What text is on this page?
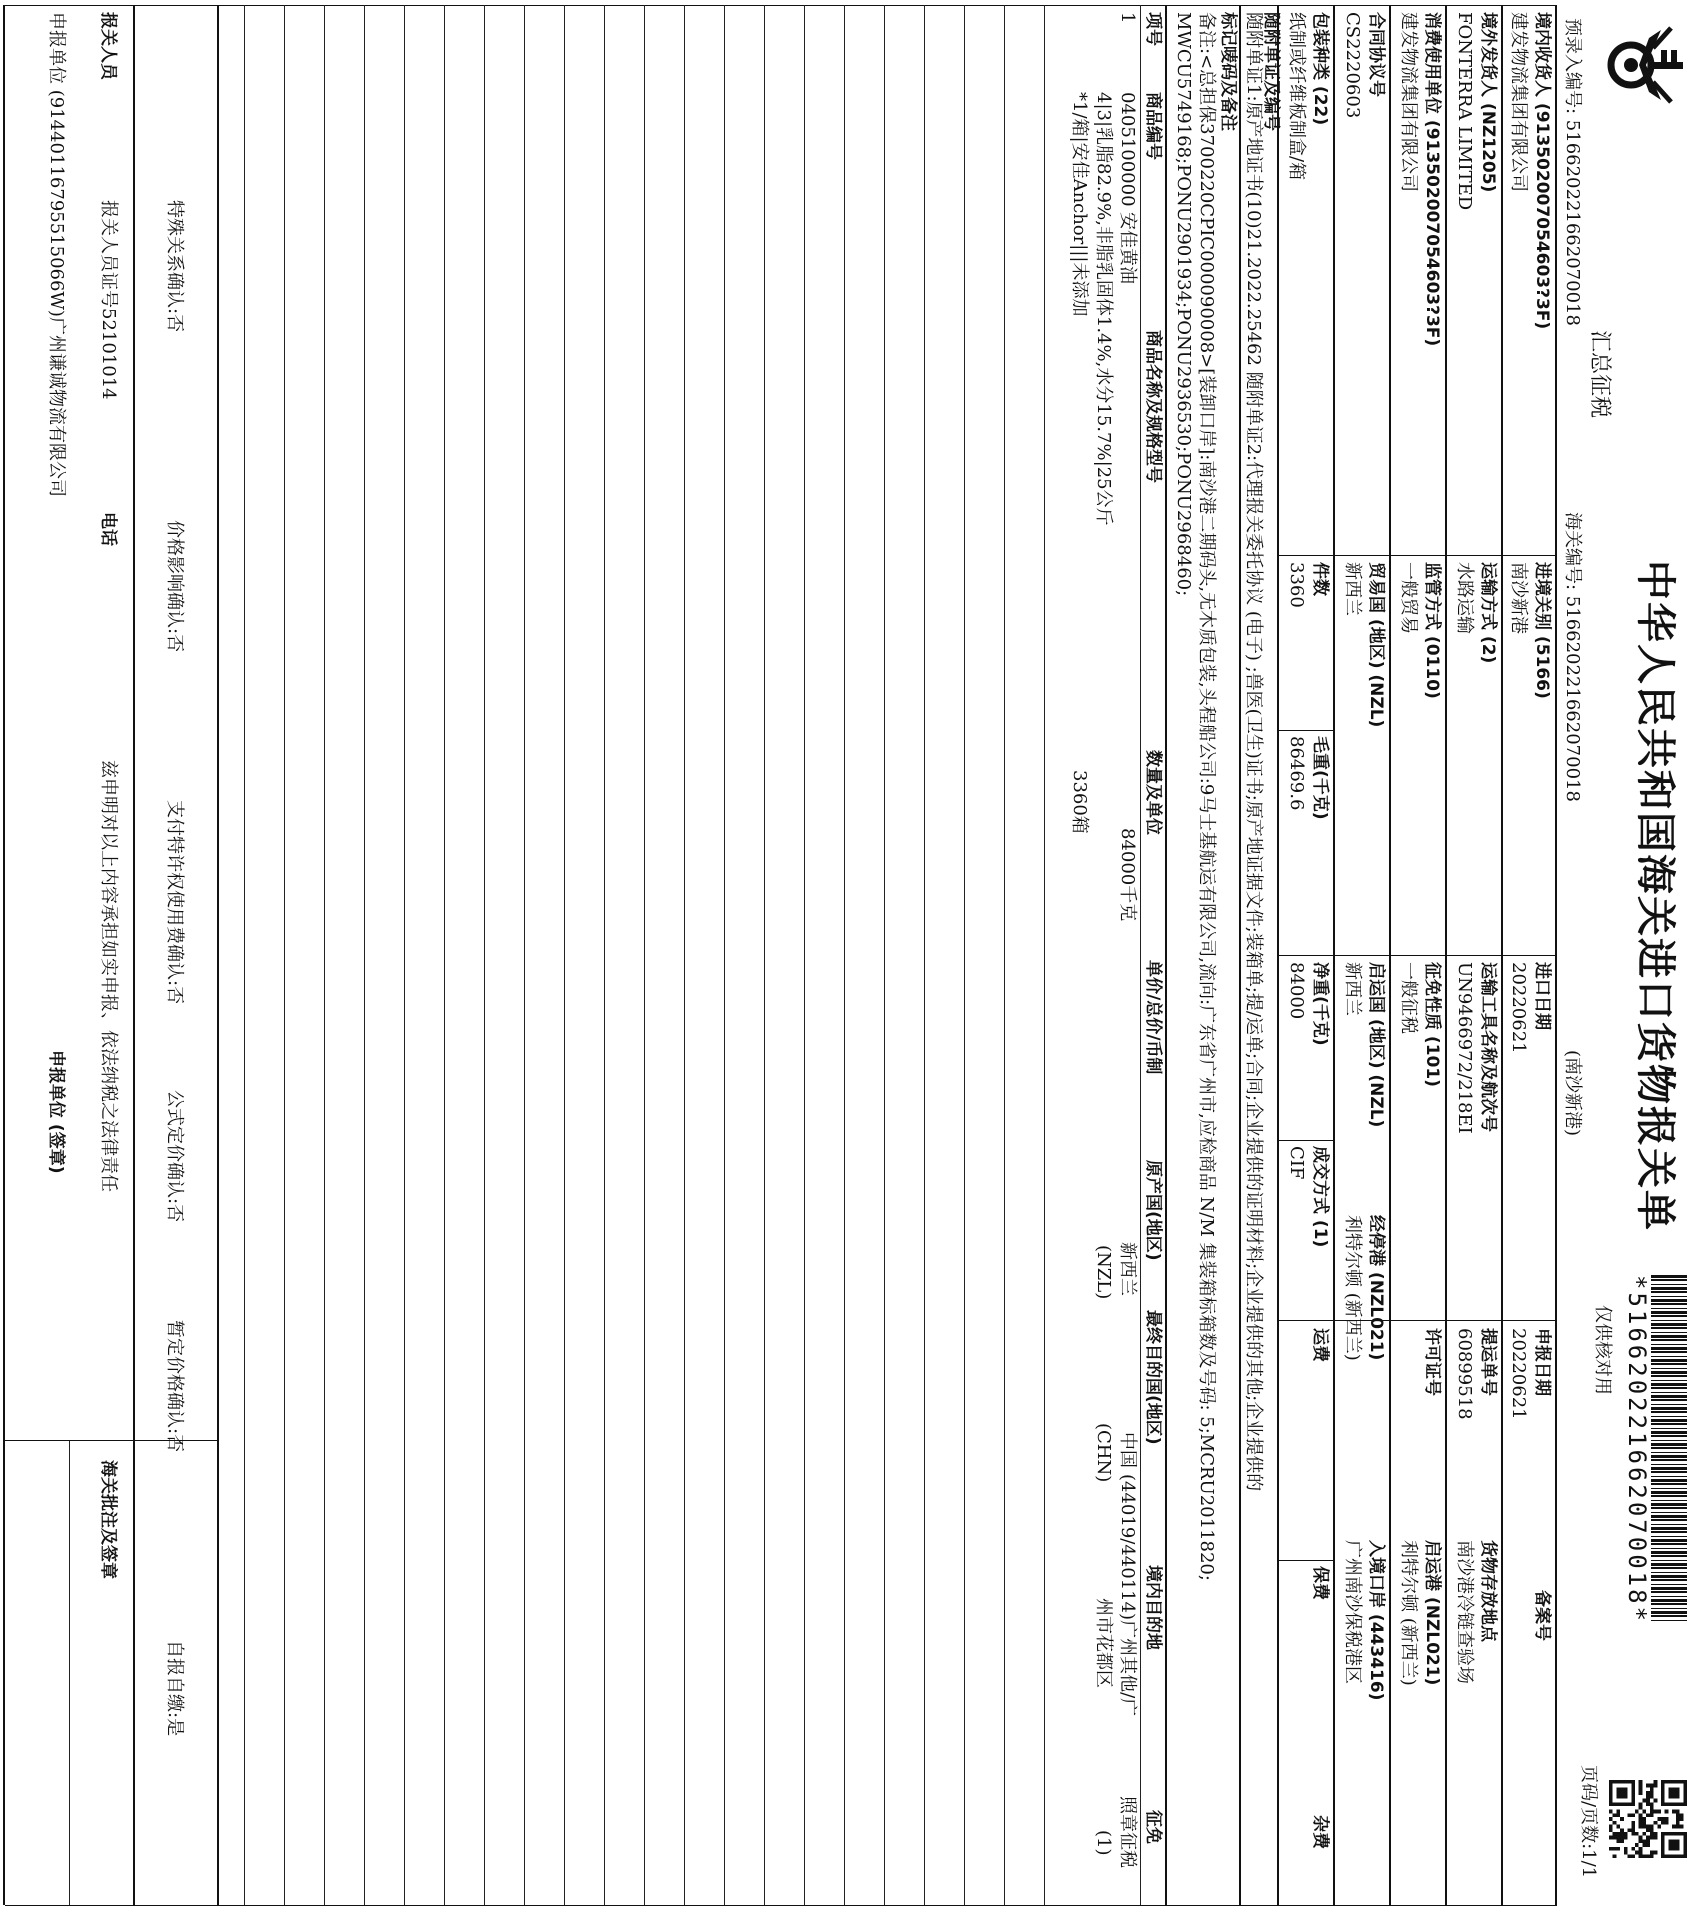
中华人民共和国海关进口货物报关单
汇总征税
仅供核对用
页码/页数:1/1
*516620221662070018*
预录入编号: 516620221662070018
海关编号: 516620221662070018
(南沙新港)
境内收货人 (913502007054603?3F)
建发物流集团有限公司
进境关别 (5166)
南沙新港
进口日期
20220621
申报日期
20220621
备案号
境外发货人 (NZ1205)
FONTERRA LIMITED
运输方式 (2)
水路运输
运输工具名称及航次号
UN9466972/218EI
提运单号
60899518
货物存放地点
南沙港冷链查验场
消费使用单位 (913502007054603?3F)
建发物流集团有限公司
监管方式 (0110)
一般贸易
征免性质 (101)
一般征税
许可证号
启运港 (NZL021)
利特尔顿 (新西兰)
合同协议号
CS2220603
贸易国 (地区) (NZL)
新西兰
启运国 (地区) (NZL)
新西兰
经停港 (NZL021)
利特尔顿 (新西兰)
入境口岸 (443416)
广州南沙保税港区
包装种类 (22)
纸制或纤维板制盒/箱
件数
3360
毛重(千克)
86469.6
净重(千克)
84000
成交方式 (1)
CIF
运费
保费
杂费
随附单证及编号
随附单证1:原产地证书(10)21.2022.25462 随附单证2:代理报关委托协议 (电子) ;兽医(卫生)证书;原产地证据文件;装箱单;提/运单;合同;企业提供的证明材料;企业提供的其他;企业提供的
标记唛码及备注
备注:<总担保3700220CPIC000090008>[装卸口岸]:南沙港二期码头,无木质包装,头程船公司:9马士基航运有限公司,流向:广东省广州市,应检商品 N/M 集装箱标箱数及号码: 5;MCRU2011820;
MWCU5749168;PONU2901934;PONU2936530;PONU2968460;
项号
商品编号
商品名称及规格型号
数量及单位
单价/总价/币制
原产国(地区)
最终目的国(地区)
境内目的地
征免
1
0405100000
安佳黄油
4|3|乳脂82.9%,非脂乳固体1.4%,水分15.7%|25公斤
*1/箱|安佳Anchor|||未添加
84000千克
3360箱
新西兰
(NZL)
中国
(CHN)
(44019/440114)广州其他/广
州市花都区
照章征税
(1)
特殊关系确认:否
价格影响确认:否
支付特许权使用费确认:否
公式定价确认:否
暂定价格确认:否
自报自缴:是
报关人员
报关人员证号52101014
电话
兹申明对以上内容承担如实申报、依法纳税之法律责任
海关批注及签章
申报单位 (91440116795515066W)广州谦诚物流有限公司
申报单位 (签章)
